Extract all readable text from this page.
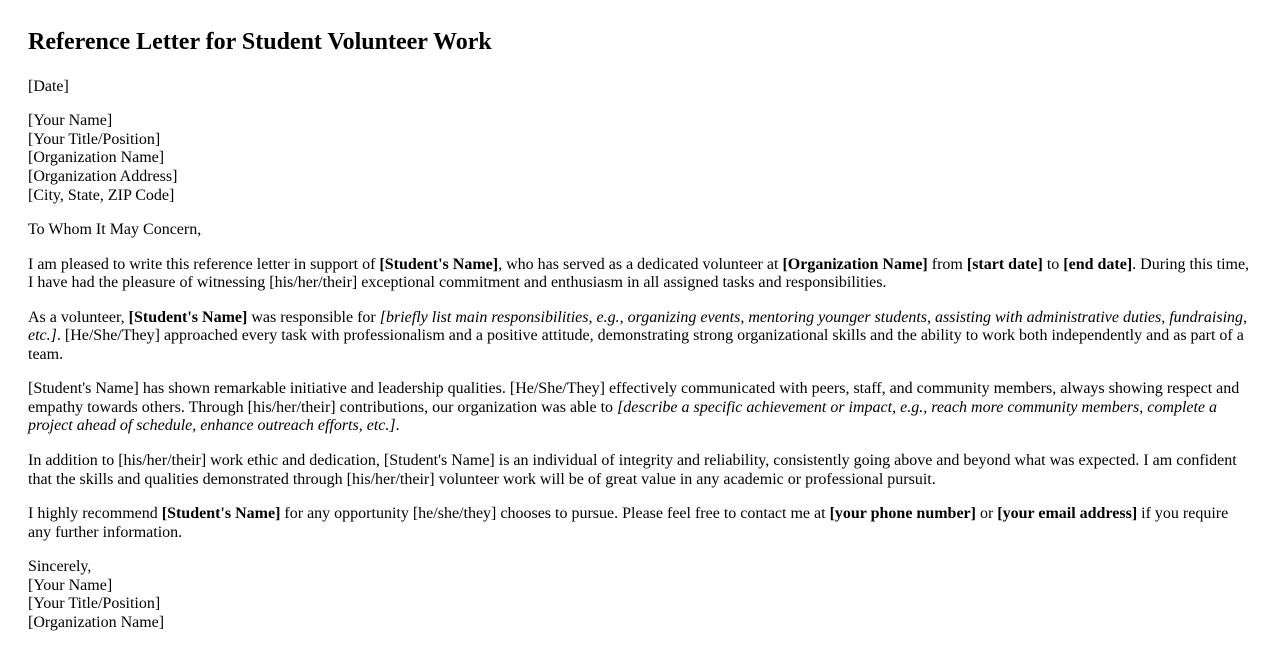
Reference Letter for Student Volunteer Work

[Date]

[Your Name]
[Your Title/Position]
[Organization Name]
[Organization Address]
[City, State, ZIP Code]

To Whom It May Concern,

I am pleased to write this reference letter in support of [Student's Name], who has served as a dedicated volunteer at [Organization Name] from [start date] to [end date]. During this time, I have had the pleasure of witnessing [his/her/their] exceptional commitment and enthusiasm in all assigned tasks and responsibilities.

As a volunteer, [Student's Name] was responsible for [briefly list main responsibilities, e.g., organizing events, mentoring younger students, assisting with administrative duties, fundraising, etc.]. [He/She/They] approached every task with professionalism and a positive attitude, demonstrating strong organizational skills and the ability to work both independently and as part of a team.

[Student's Name] has shown remarkable initiative and leadership qualities. [He/She/They] effectively communicated with peers, staff, and community members, always showing respect and empathy towards others. Through [his/her/their] contributions, our organization was able to [describe a specific achievement or impact, e.g., reach more community members, complete a project ahead of schedule, enhance outreach efforts, etc.].

In addition to [his/her/their] work ethic and dedication, [Student's Name] is an individual of integrity and reliability, consistently going above and beyond what was expected. I am confident that the skills and qualities demonstrated through [his/her/their] volunteer work will be of great value in any academic or professional pursuit.

I highly recommend [Student's Name] for any opportunity [he/she/they] chooses to pursue. Please feel free to contact me at [your phone number] or [your email address] if you require any further information.

Sincerely,
[Your Name]
[Your Title/Position]
[Organization Name]
